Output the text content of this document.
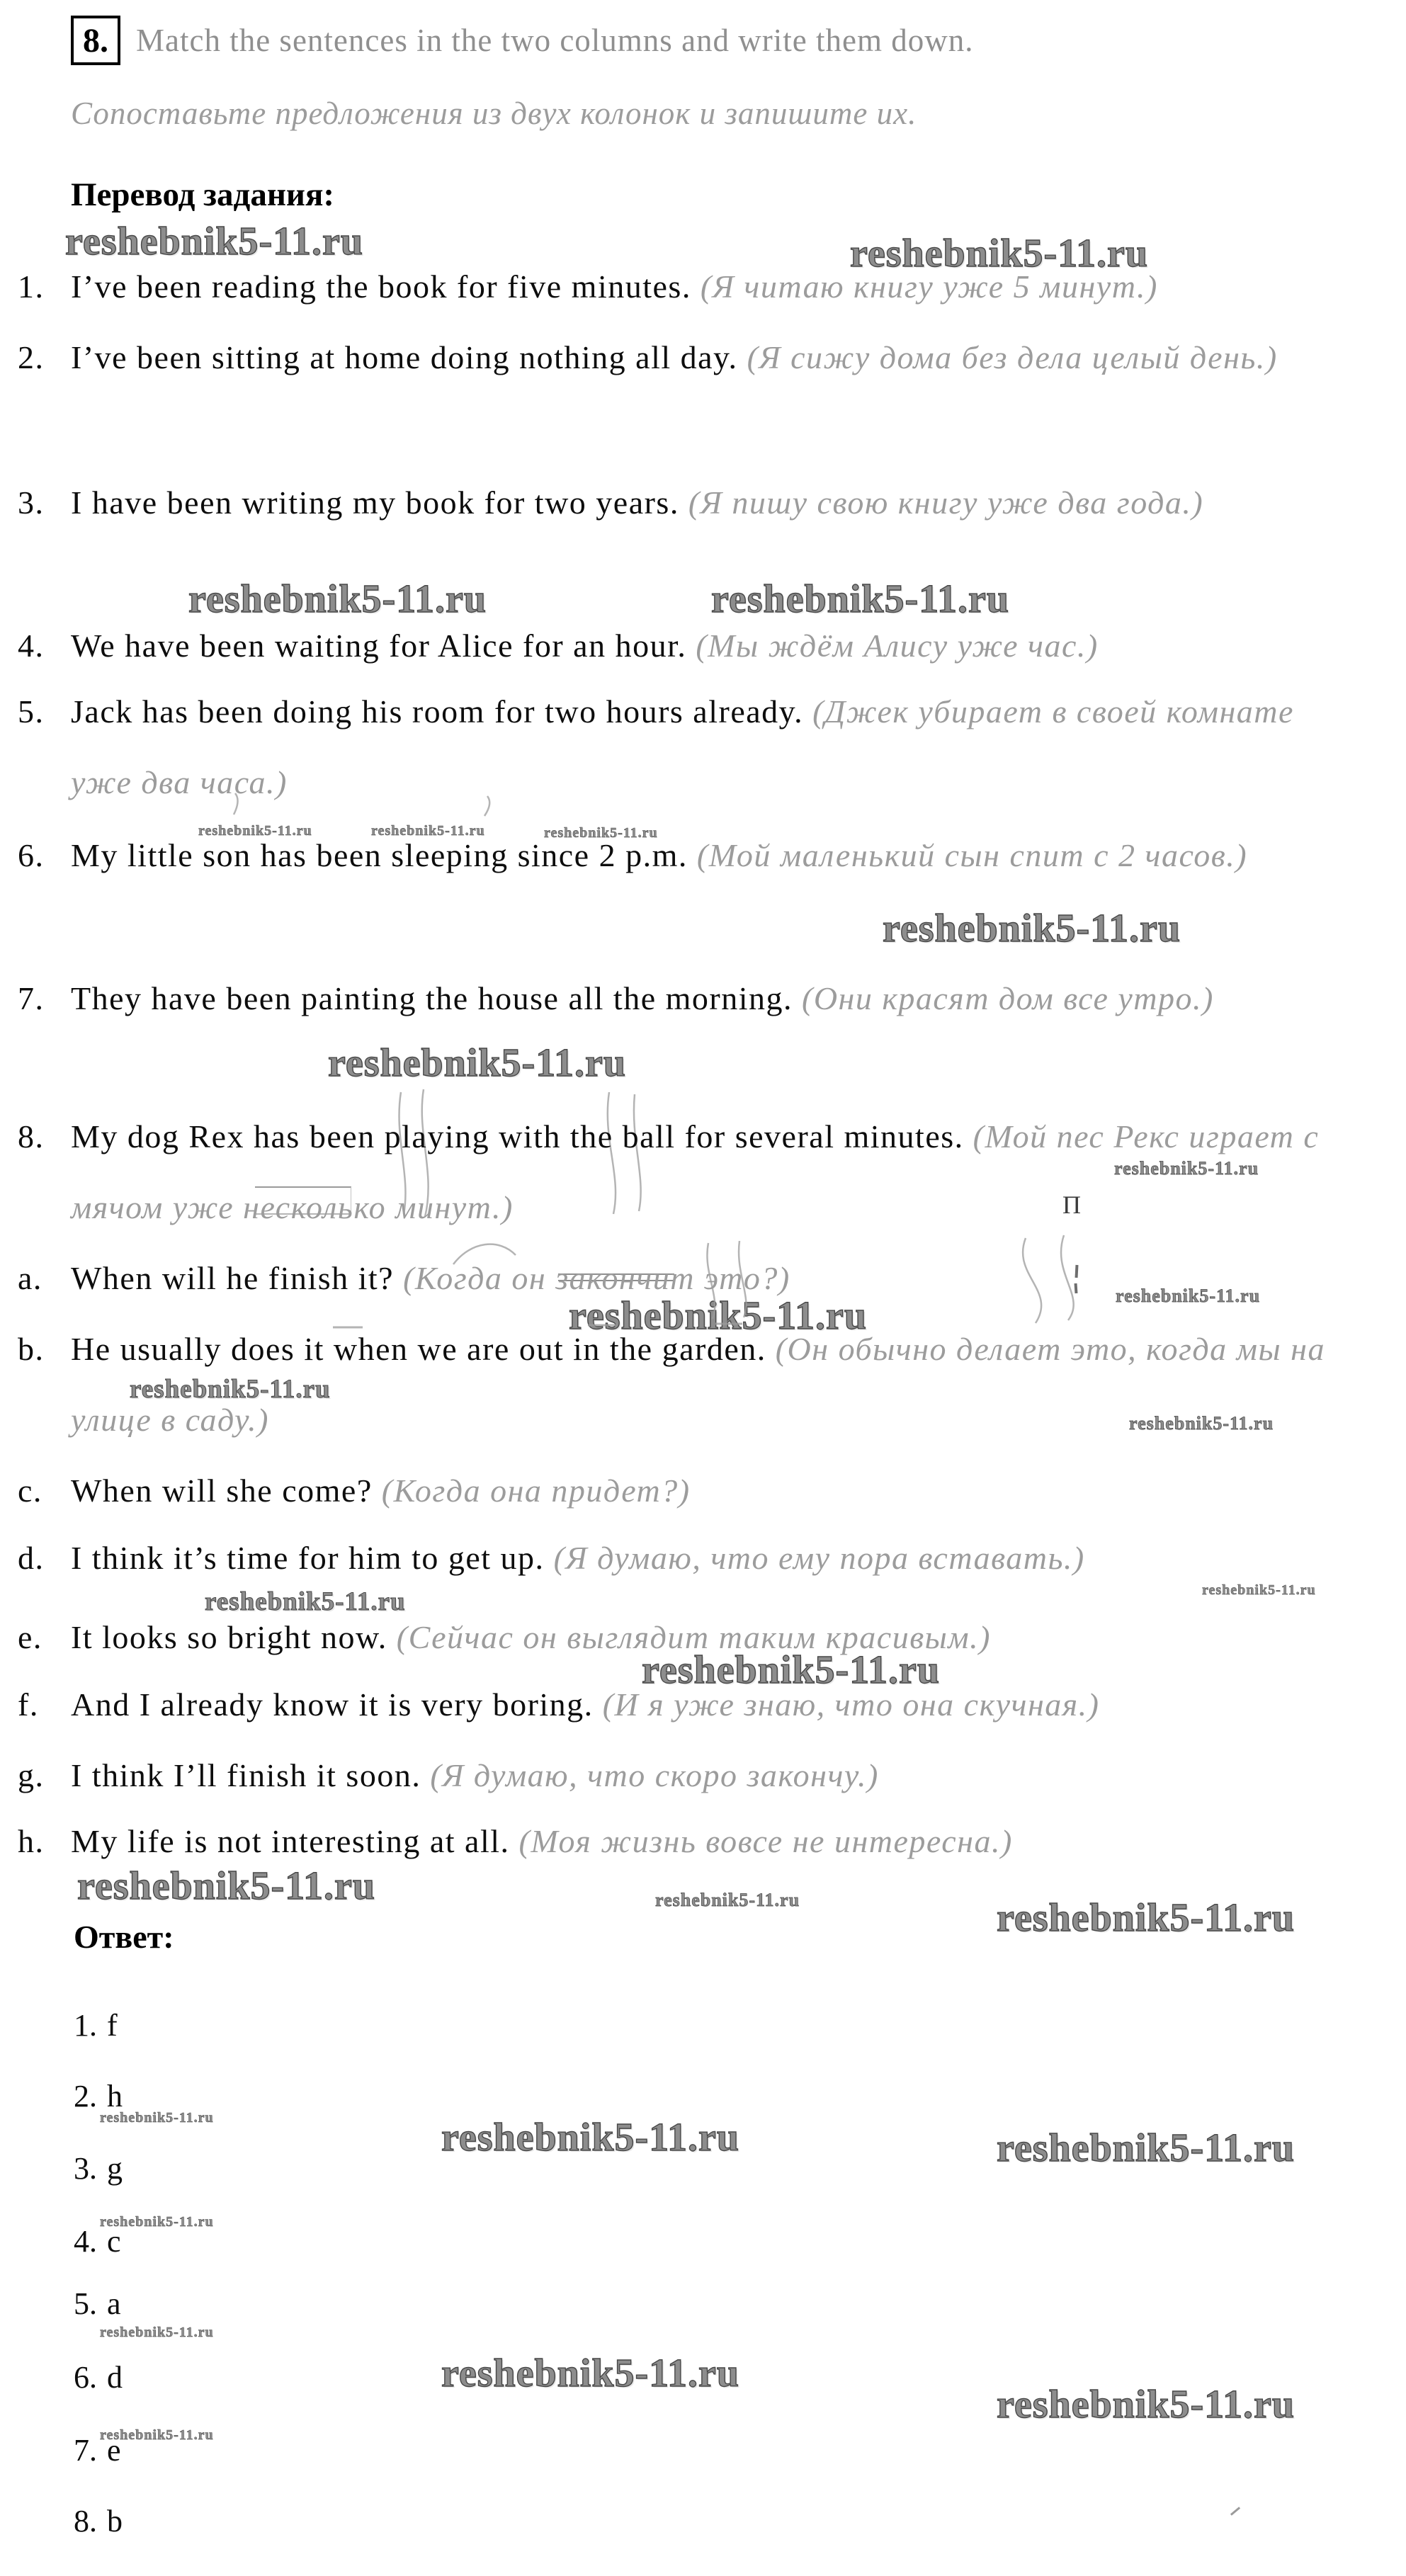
reshebnik5-11.ru	reshebnik5-11.ru
reshebnik5-11.ru	reshebnik5-11.ru
reshebnik5-11.ru	reshebnik5-11.ru	reshebnik5-11.ru
reshebnik5-11.ru
reshebnik5-11.ru
reshebnik5-11.ru
reshebnik5-11.ru	reshebnik5-11.ru
reshebnik5-11.ru
reshebnik5-11.ru
reshebnik5-11.ru	reshebnik5-11.ru
reshebnik5-11.ru
reshebnik5-11.ru	reshebnik5-11.ru	reshebnik5-11.ru
reshebnik5-11.ru	reshebnik5-11.ru	reshebnik5-11.ru
reshebnik5-11.ru
reshebnik5-11.ru
reshebnik5-11.ru
reshebnik5-11.ru
reshebnik5-11.ru
П
8. Match the sentences in the two columns and write them down.
Сопоставьте предложения из двух колонок и запишите их.
Перевод задания:
1. I’ve been reading the book for five minutes. (Я читаю книгу уже 5 минут.)
2. I’ve been sitting at home doing nothing all day. (Я сижу дома без дела целый день.)
3. I have been writing my book for two years. (Я пишу свою книгу уже два года.)
4. We have been waiting for Alice for an hour. (Мы ждём Алису уже час.)
5. Jack has been doing his room for two hours already. (Джек убирает в своей комнате уже два часа.)
6. My little son has been sleeping since 2 p.m. (Мой маленький сын спит с 2 часов.)
7. They have been painting the house all the morning. (Они красят дом все утро.)
8. My dog Rex has been playing with the ball for several minutes. (Мой пес Рекс играет с мячом уже несколько минут.)
a. When will he finish it? (Когда он закончит это?)
b. He usually does it when we are out in the garden. (Он обычно делает это, когда мы на улице в саду.)
c. When will she come? (Когда она придет?)
d. I think it’s time for him to get up. (Я думаю, что ему пора вставать.)
e. It looks so bright now. (Сейчас он выглядит таким красивым.)
f. And I already know it is very boring. (И я уже знаю, что она скучная.)
g. I think I’ll finish it soon. (Я думаю, что скоро закончу.)
h. My life is not interesting at all. (Моя жизнь вовсе не интересна.)
Ответ:
1. f
2. h
3. g
4. c
5. a
6. d
7. e
8. b
